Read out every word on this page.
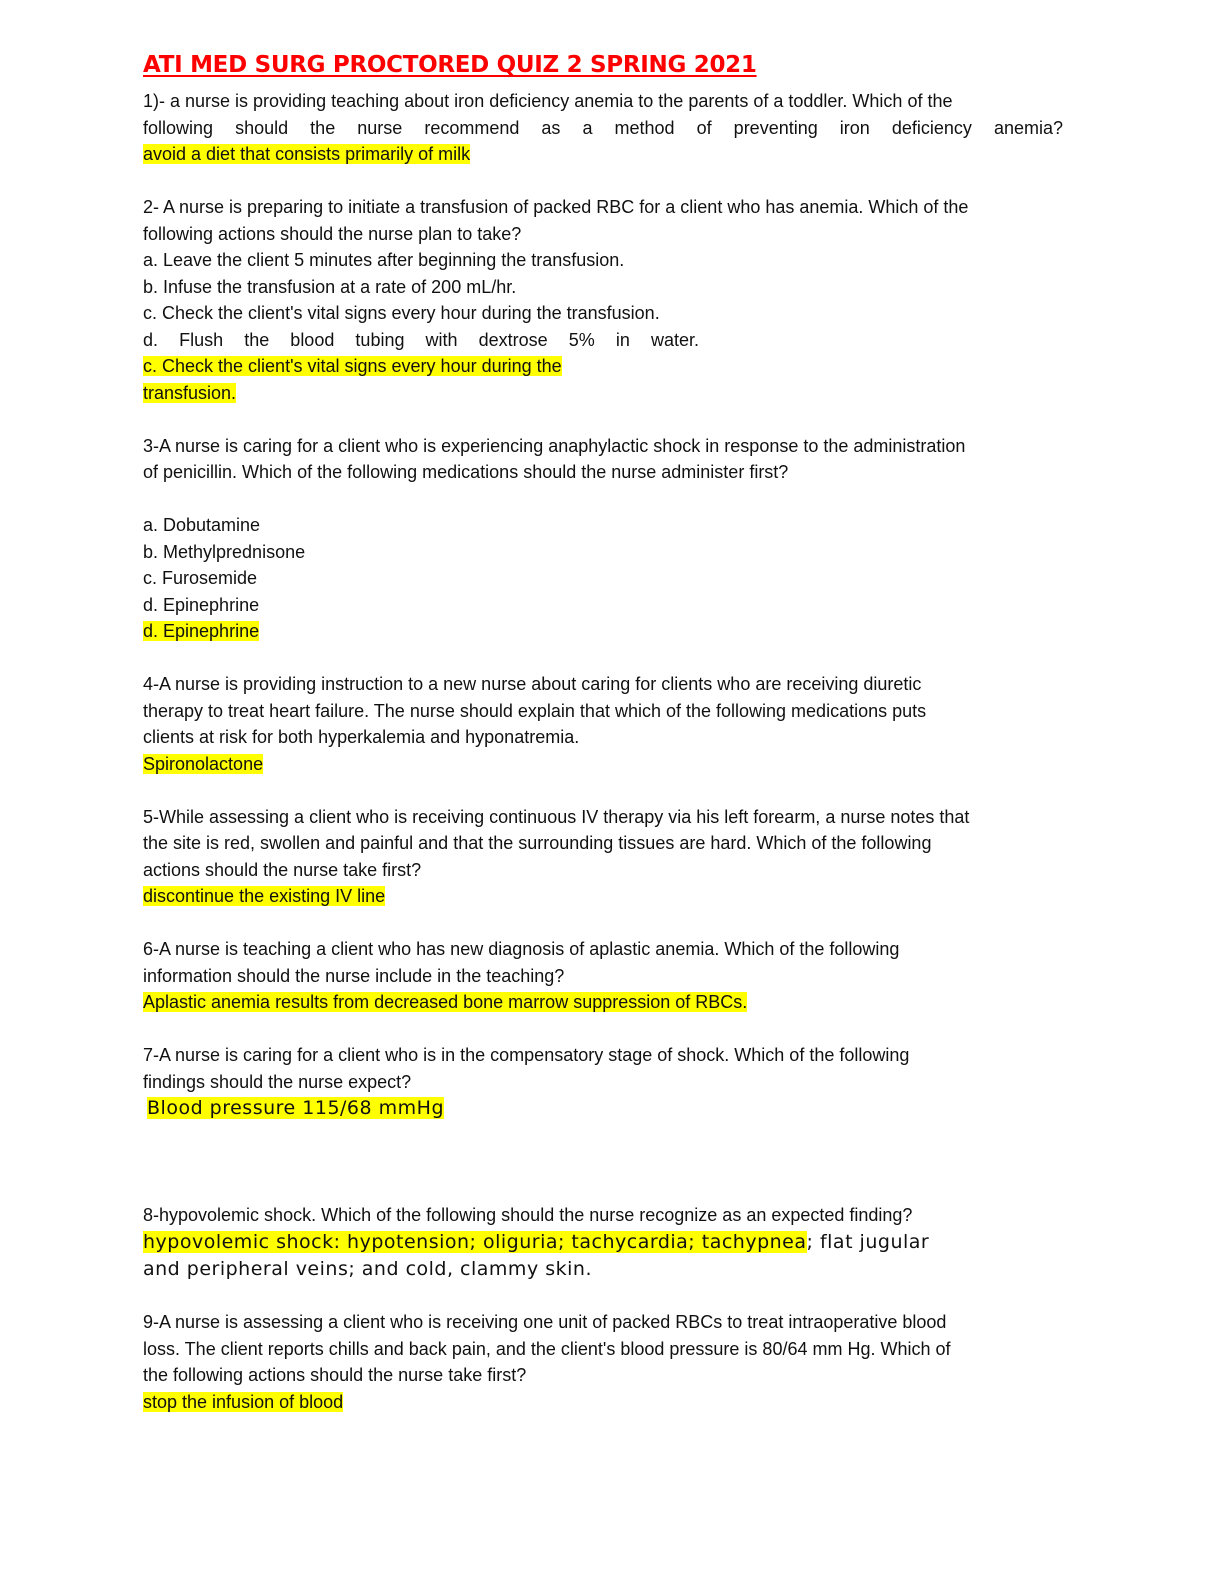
ATI MED SURG PROCTORED QUIZ 2 SPRING 2021

1)- a nurse is providing teaching about iron deficiency anemia to the parents of a toddler. Which of the

following should the nurse recommend as a method of preventing iron deficiency anemia?

avoid a diet that consists primarily of milk

2- A nurse is preparing to initiate a transfusion of packed RBC for a client who has anemia. Which of the

following actions should the nurse plan to take?

a. Leave the client 5 minutes after beginning the transfusion.

b. Infuse the transfusion at a rate of 200 mL/hr.

c. Check the client's vital signs every hour during the transfusion.

d. Flush the blood tubing with dextrose 5% in water.

c. Check the client's vital signs every hour during the

transfusion.

3-A nurse is caring for a client who is experiencing anaphylactic shock in response to the administration

of penicillin. Which of the following medications should the nurse administer first?

a. Dobutamine

b. Methylprednisone

c. Furosemide

d. Epinephrine

d. Epinephrine

4-A nurse is providing instruction to a new nurse about caring for clients who are receiving diuretic

therapy to treat heart failure. The nurse should explain that which of the following medications puts

clients at risk for both hyperkalemia and hyponatremia.

Spironolactone

5-While assessing a client who is receiving continuous IV therapy via his left forearm, a nurse notes that

the site is red, swollen and painful and that the surrounding tissues are hard. Which of the following

actions should the nurse take first?

discontinue the existing IV line

6-A nurse is teaching a client who has new diagnosis of aplastic anemia. Which of the following

information should the nurse include in the teaching?

Aplastic anemia results from decreased bone marrow suppression of RBCs.

7-A nurse is caring for a client who is in the compensatory stage of shock. Which of the following

findings should the nurse expect?

Blood pressure 115/68 mmHg

8-hypovolemic shock. Which of the following should the nurse recognize as an expected finding?

hypovolemic shock: hypotension; oliguria; tachycardia; tachypnea; flat jugular

and peripheral veins; and cold, clammy skin.

9-A nurse is assessing a client who is receiving one unit of packed RBCs to treat intraoperative blood

loss. The client reports chills and back pain, and the client's blood pressure is 80/64 mm Hg. Which of

the following actions should the nurse take first?

stop the infusion of blood
